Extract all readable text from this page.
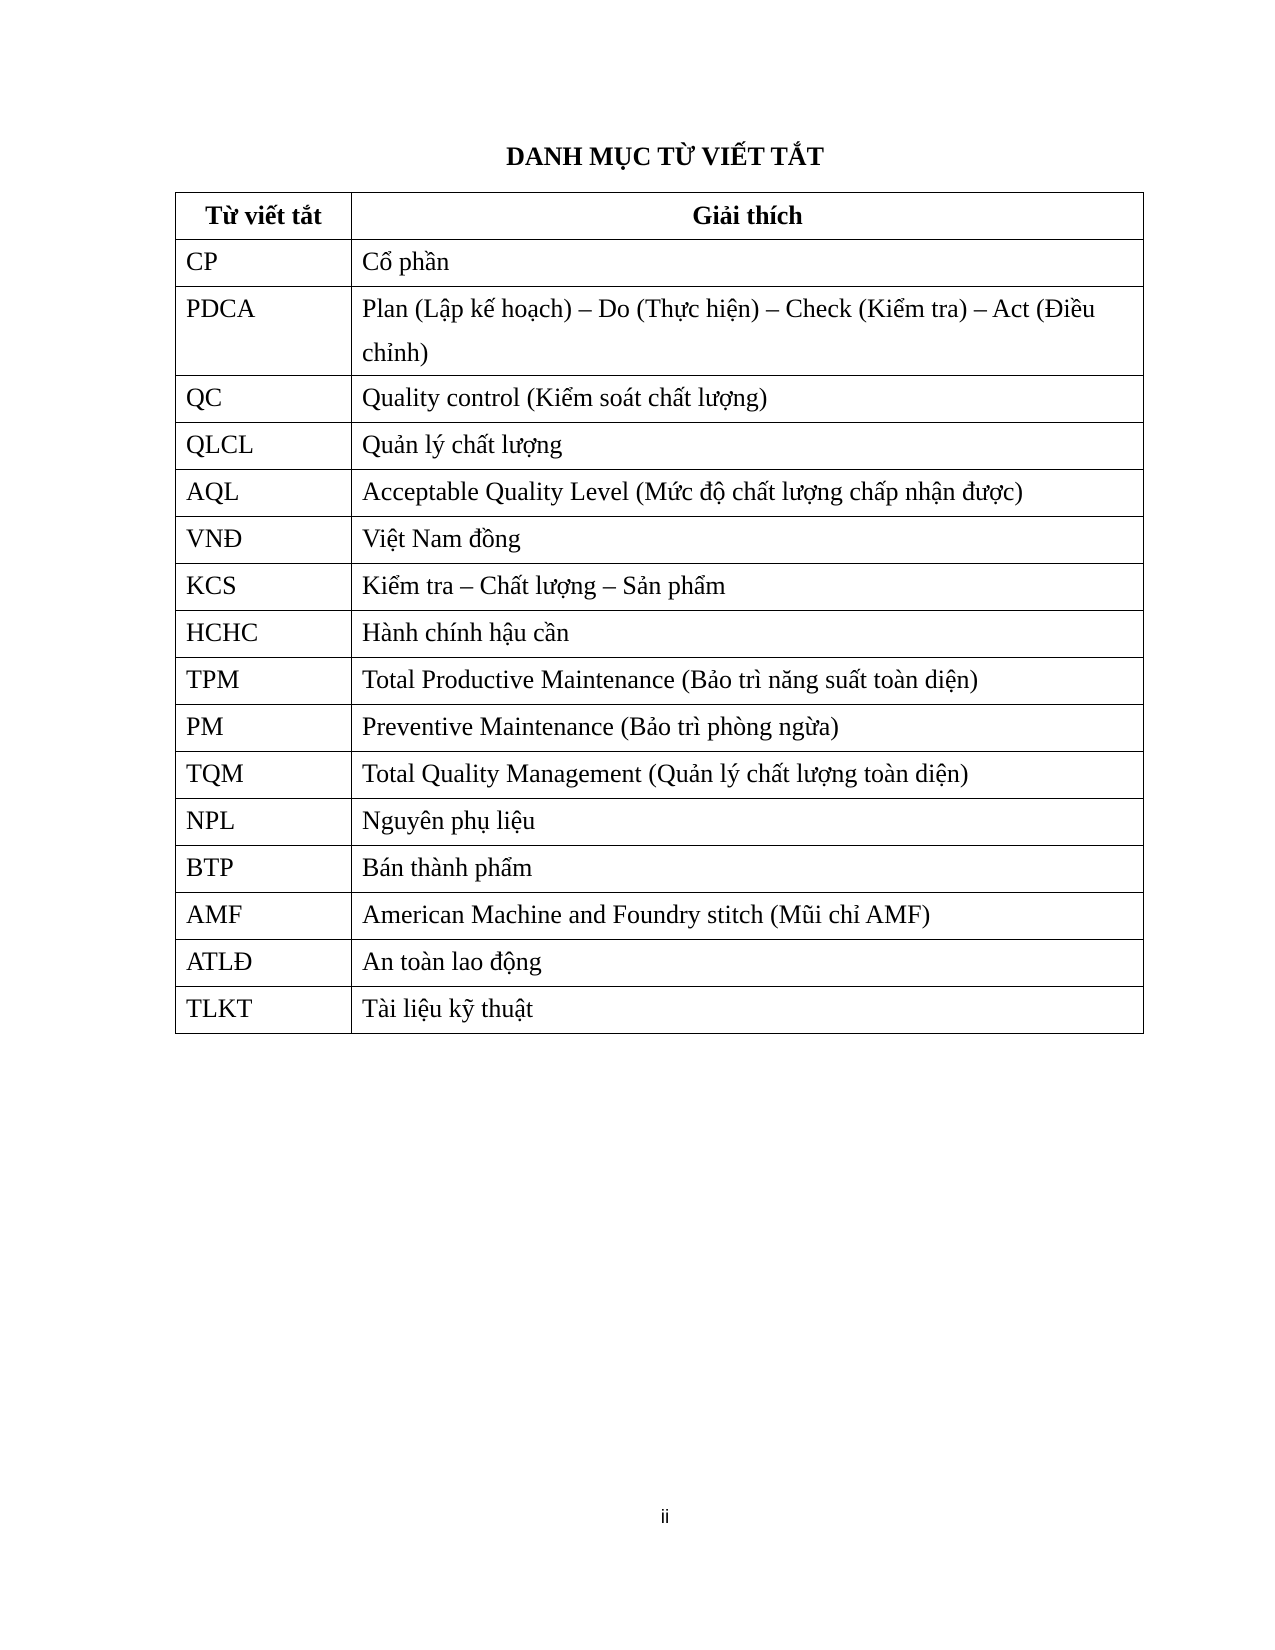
DANH MỤC TỪ VIẾT TẮT
Từ viết tắt	Giải thích
CP	Cổ phần
PDCA	Plan (Lập kế hoạch) – Do (Thực hiện) – Check (Kiểm tra) – Act (Điều chỉnh)
QC	Quality control (Kiểm soát chất lượng)
QLCL	Quản lý chất lượng
AQL	Acceptable Quality Level (Mức độ chất lượng chấp nhận được)
VNĐ	Việt Nam đồng
KCS	Kiểm tra – Chất lượng – Sản phẩm
HCHC	Hành chính hậu cần
TPM	Total Productive Maintenance (Bảo trì năng suất toàn diện)
PM	Preventive Maintenance (Bảo trì phòng ngừa)
TQM	Total Quality Management (Quản lý chất lượng toàn diện)
NPL	Nguyên phụ liệu
BTP	Bán thành phẩm
AMF	American Machine and Foundry stitch (Mũi chỉ AMF)
ATLĐ	An toàn lao động
TLKT	Tài liệu kỹ thuật
ii
